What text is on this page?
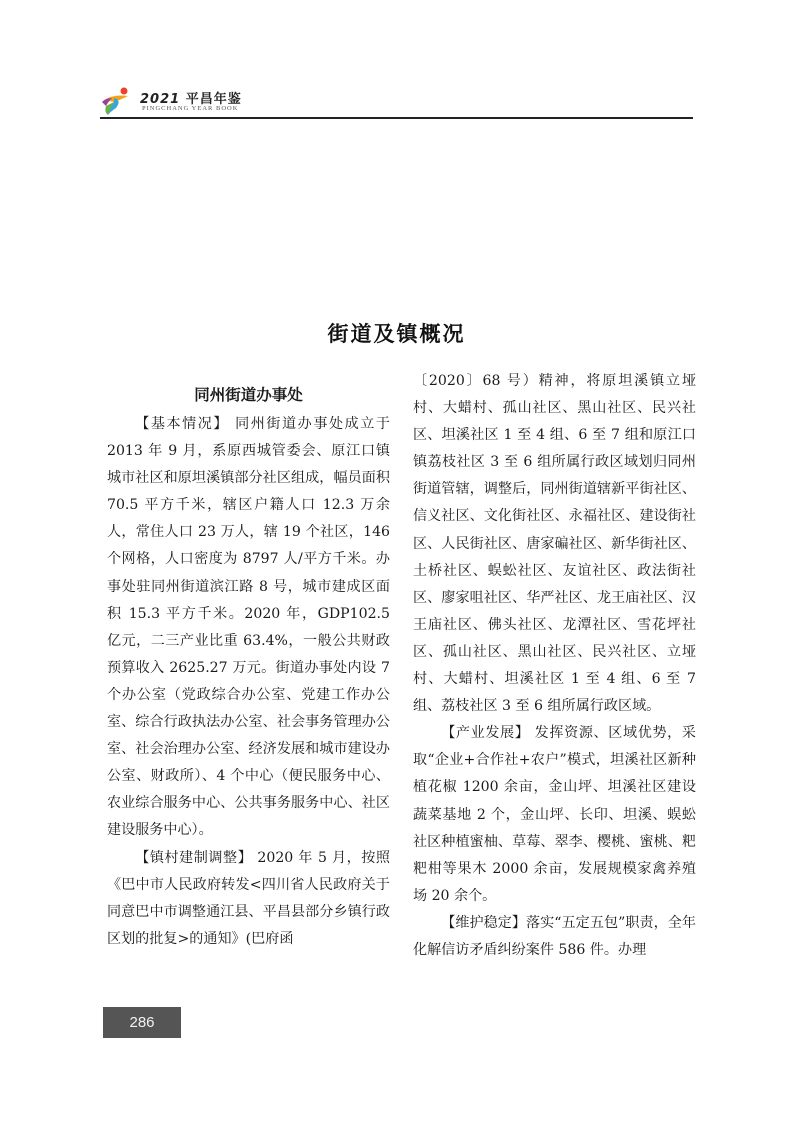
2021 平昌年鉴
PINGCHANG YEAR BOOK
街道及镇概况
同州街道办事处

【基本情况】 同州街道办事处成立于 2013 年 9 月，系原西城管委会、原江口镇城市社区和原坦溪镇部分社区组成，幅员面积 70.5 平方千米，辖区户籍人口 12.3 万余人，常住人口 23 万人，辖 19 个社区，146 个网格，人口密度为 8797 人/平方千米。办事处驻同州街道滨江路 8 号，城市建成区面积 15.3 平方千米。2020 年，GDP102.5 亿元，二三产业比重 63.4%，一般公共财政预算收入 2625.27 万元。街道办事处内设 7 个办公室（党政综合办公室、党建工作办公室、综合行政执法办公室、社会事务管理办公室、社会治理办公室、经济发展和城市建设办公室、财政所）、4 个中心（便民服务中心、农业综合服务中心、公共事务服务中心、社区建设服务中心）。

【镇村建制调整】 2020 年 5 月，按照《巴中市人民政府转发<四川省人民政府关于同意巴中市调整通江县、平昌县部分乡镇行政区划的批复>的通知》(巴府函

〔2020〕68 号）精神，将原坦溪镇立垭村、大蜡村、孤山社区、黑山社区、民兴社区、坦溪社区 1 至 4 组、6 至 7 组和原江口镇荔枝社区 3 至 6 组所属行政区域划归同州街道管辖，调整后，同州街道辖新平街社区、信义社区、文化街社区、永福社区、建设街社区、人民街社区、唐家碥社区、新华街社区、土桥社区、蜈蚣社区、友谊社区、政法街社区、廖家咀社区、华严社区、龙王庙社区、汉王庙社区、佛头社区、龙潭社区、雪花坪社区、孤山社区、黑山社区、民兴社区、立垭村、大蜡村、坦溪社区 1 至 4 组、6 至 7 组、荔枝社区 3 至 6 组所属行政区域。

【产业发展】 发挥资源、区域优势，采取“企业+合作社+农户”模式，坦溪社区新种植花椒 1200 余亩，金山坪、坦溪社区建设蔬菜基地 2 个，金山坪、长印、坦溪、蜈蚣社区种植蜜柚、草莓、翠李、樱桃、蜜桃、粑粑柑等果木 2000 余亩，发展规模家禽养殖场 20 余个。

【维护稳定】落实“五定五包”职责，全年化解信访矛盾纠纷案件 586 件。办理

286
